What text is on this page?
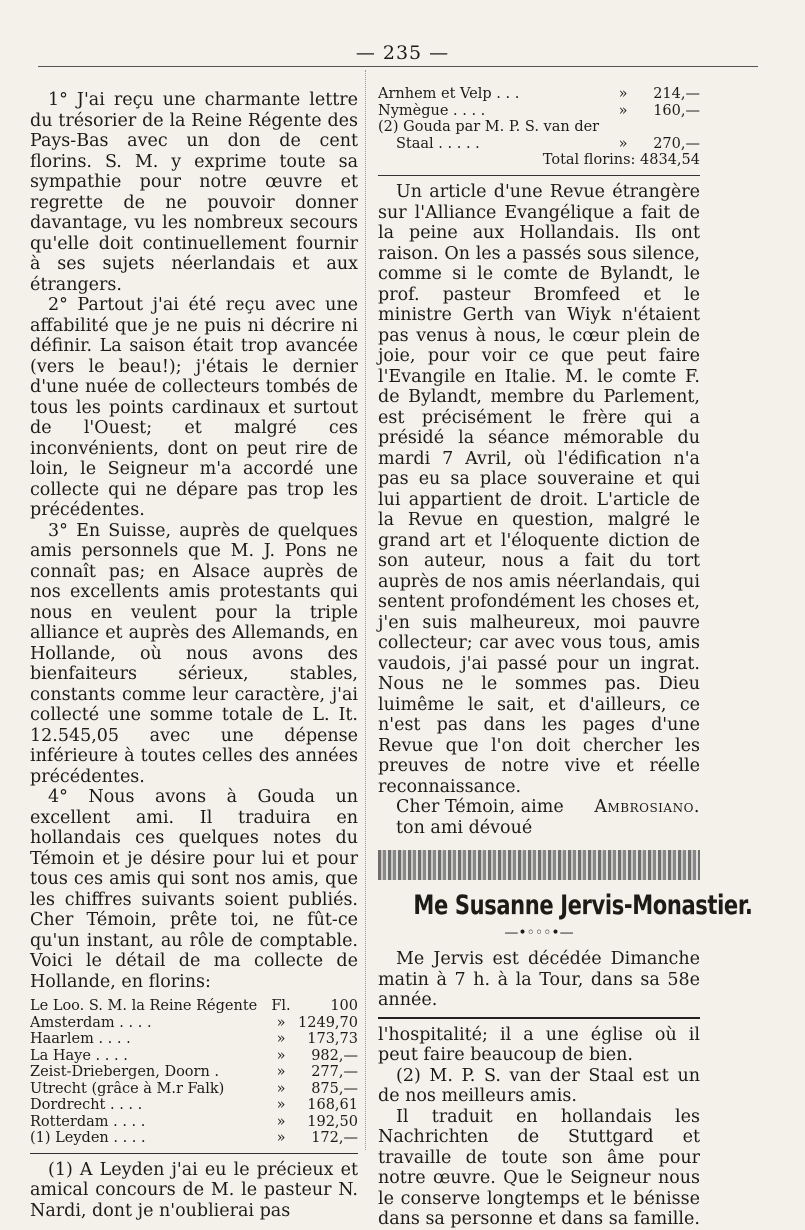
— 235 —

1° J'ai reçu une charmante lettre du trésorier de la Reine Régente des Pays-Bas avec un don de cent florins. S. M. y exprime toute sa sympathie pour notre œuvre et regrette de ne pouvoir donner davantage, vu les nombreux secours qu'elle doit continuellement fournir à ses sujets néerlandais et aux étrangers.

2° Partout j'ai été reçu avec une affabilité que je ne puis ni décrire ni définir. La saison était trop avancée (vers le beau!); j'étais le dernier d'une nuée de collecteurs tombés de tous les points cardinaux et surtout de l'Ouest; et malgré ces inconvénients, dont on peut rire de loin, le Seigneur m'a accordé une collecte qui ne dépare pas trop les précédentes.

3° En Suisse, auprès de quelques amis personnels que M. J. Pons ne connaît pas; en Alsace auprès de nos excellents amis protestants qui nous en veulent pour la triple alliance et auprès des Allemands, en Hollande, où nous avons des bienfaiteurs sérieux, stables, constants comme leur caractère, j'ai collecté une somme totale de L. It. 12.545,05 avec une dépense inférieure à toutes celles des années précédentes.

4° Nous avons à Gouda un excellent ami. Il traduira en hollandais ces quelques notes du Témoin et je désire pour lui et pour tous ces amis qui sont nos amis, que les chiffres suivants soient publiés. Cher Témoin, prête toi, ne fût-ce qu'un instant, au rôle de comptable. Voici le détail de ma collecte de Hollande, en florins:

Le Loo. S. M. la Reine Régente Fl.	100
Amsterdam . . . .	» 1249,70
Haarlem . . . .	»	173,73
La Haye . . . .	»	982,—
Zeist-Driebergen, Doorn .	»	277,—
Utrecht (grâce à M.r Falk)	»	875,—
Dordrecht . . . .	»	168,61
Rotterdam . . . .	»	192,50
(1) Leyden . . . .	»	172,—

(1) A Leyden j'ai eu le précieux et amical concours de M. le pasteur N. Nardi, dont je n'oublierai pas

Arnhem et Velp . . .	»	214,—
Nymègue . . . .	»	160,—
(2) Gouda par M. P. S. van der
Staal . . . . .	»	270,—
Total florins: 4834,54

Un article d'une Revue étrangère sur l'Alliance Evangélique a fait de la peine aux Hollandais. Ils ont raison. On les a passés sous silence, comme si le comte de Bylandt, le prof. pasteur Bromfeed et le ministre Gerth van Wiyk n'étaient pas venus à nous, le cœur plein de joie, pour voir ce que peut faire l'Evangile en Italie. M. le comte F. de Bylandt, membre du Parlement, est précisément le frère qui a présidé la séance mémorable du mardi 7 Avril, où l'édification n'a pas eu sa place souveraine et qui lui appartient de droit. L'article de la Revue en question, malgré le grand art et l'éloquente diction de son auteur, nous a fait du tort auprès de nos amis néerlandais, qui sentent profondément les choses et, j'en suis malheureux, moi pauvre collecteur; car avec vous tous, amis vaudois, j'ai passé pour un ingrat. Nous ne le sommes pas. Dieu luimême le sait, et d'ailleurs, ce n'est pas dans les pages d'une Revue que l'on doit chercher les preuves de notre vive et réelle reconnaissance.

Cher Témoin, aime ton ami dévoué
Ambrosiano.
Me Susanne Jervis-Monastier.
—•◦◦◦•—

Me Jervis est décédée Dimanche matin à 7 h. à la Tour, dans sa 58e année.

l'hospitalité; il a une église où il peut faire beaucoup de bien.

(2) M. P. S. van der Staal est un de nos meilleurs amis.

Il traduit en hollandais les Nachrichten de Stuttgard et travaille de toute son âme pour notre œuvre. Que le Seigneur nous le conserve longtemps et le bénisse dans sa personne et dans sa famille.
